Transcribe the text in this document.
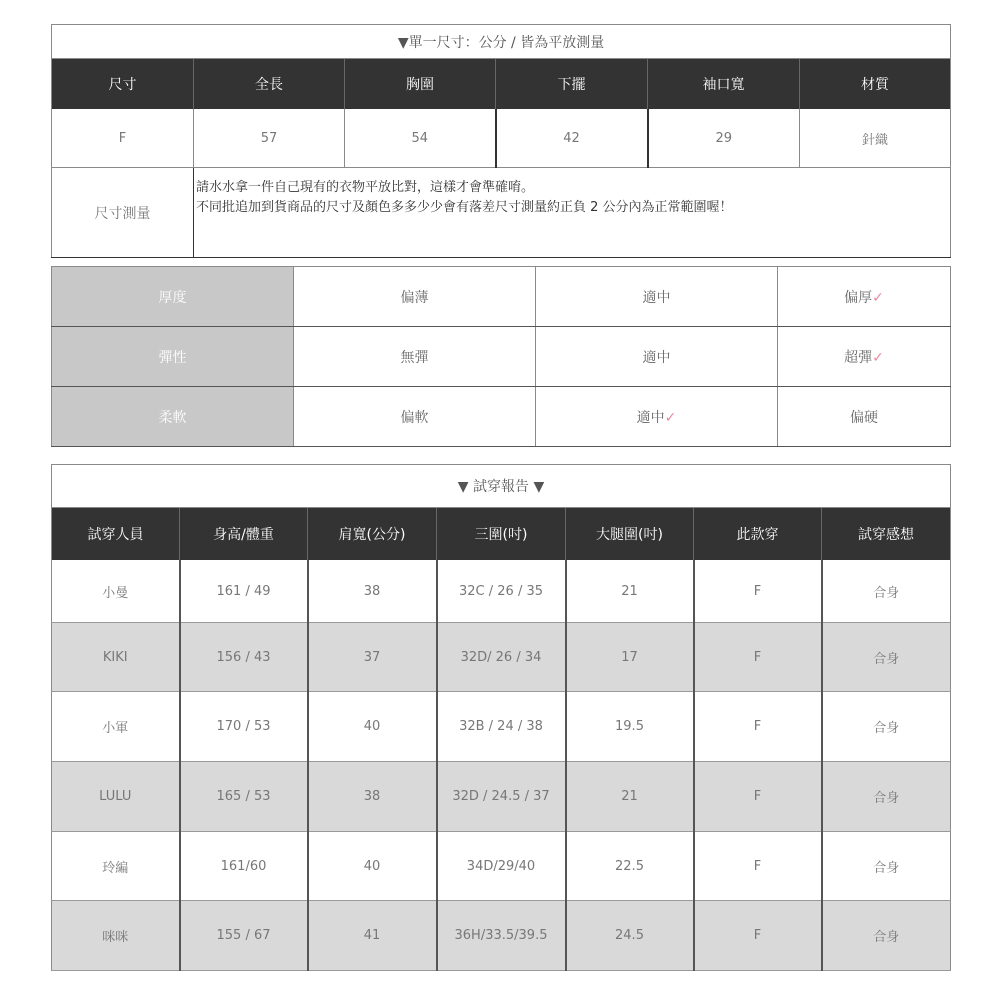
▼單一尺寸：公分 / 皆為平放測量					
尺寸	全長	胸圍	下擺	袖口寬	材質
F	57	54	42	29	針織
尺寸測量	請水水拿一件自己現有的衣物平放比對，這樣才會準確唷。
不同批追加到貨商品的尺寸及顏色多多少少會有落差尺寸測量約正負 2 公分內為正常範圍喔！				
厚度	偏薄	適中	偏厚✓
彈性	無彈	適中	超彈✓
柔軟	偏軟	適中✓	偏硬
▼ 試穿報告 ▼						
試穿人員	身高/體重	肩寬(公分)	三圍(吋)	大腿圍(吋)	此款穿	試穿感想
小曼	161 / 49	38	32C / 26 / 35	21	F	合身
KIKI	156 / 43	37	32D/ 26 / 34	17	F	合身
小軍	170 / 53	40	32B / 24 / 38	19.5	F	合身
LULU	165 / 53	38	32D / 24.5 / 37	21	F	合身
玲編	161/60	40	34D/29/40	22.5	F	合身
咪咪	155 / 67	41	36H/33.5/39.5	24.5	F	合身
